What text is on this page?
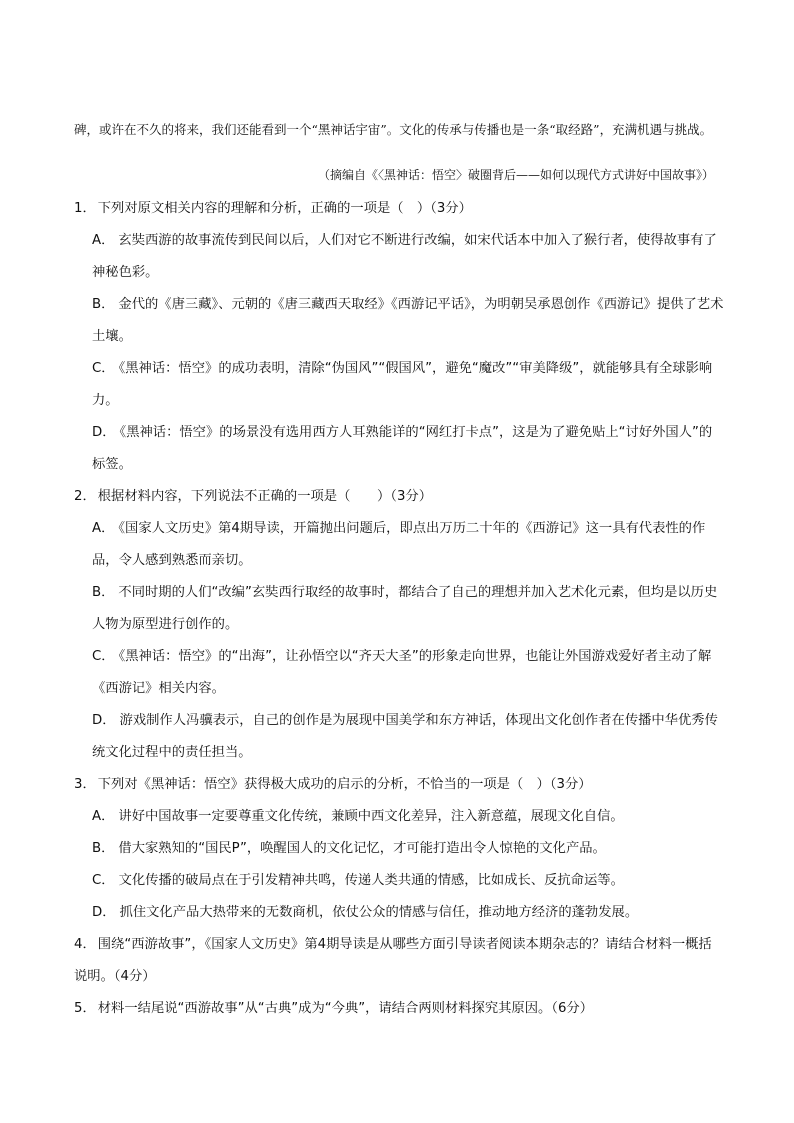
碑，或许在不久的将来，我们还能看到一个“黑神话宇宙”。文化的传承与传播也是一条“取经路”，充满机遇与挑战。

（摘编自《〈黑神话：悟空〉破圈背后——如何以现代方式讲好中国故事》）

1． 下列对原文相关内容的理解和分析，正确的一项是（　）（3分）

A． 玄奘西游的故事流传到民间以后，人们对它不断进行改编，如宋代话本中加入了猴行者，使得故事有了神秘色彩。

B． 金代的《唐三藏》、元朝的《唐三藏西天取经》《西游记平话》，为明朝吴承恩创作《西游记》提供了艺术土壤。

C． 《黑神话：悟空》的成功表明，清除“伪国风”“假国风”，避免“魔改”“审美降级”，就能够具有全球影响力。

D． 《黑神话：悟空》的场景没有选用西方人耳熟能详的“网红打卡点”，这是为了避免贴上“讨好外国人”的标签。

2． 根据材料内容，下列说法不正确的一项是（　　）（3分）

A． 《国家人文历史》第4期导读，开篇抛出问题后，即点出万历二十年的《西游记》这一具有代表性的作品，令人感到熟悉而亲切。

B． 不同时期的人们“改编”玄奘西行取经的故事时，都结合了自己的理想并加入艺术化元素，但均是以历史人物为原型进行创作的。

C． 《黑神话：悟空》的“出海”，让孙悟空以“齐天大圣”的形象走向世界，也能让外国游戏爱好者主动了解《西游记》相关内容。

D． 游戏制作人冯骥表示，自己的创作是为展现中国美学和东方神话，体现出文化创作者在传播中华优秀传统文化过程中的责任担当。

3． 下列对《黑神话：悟空》获得极大成功的启示的分析，不恰当的一项是（　）（3分）

A． 讲好中国故事一定要尊重文化传统，兼顾中西文化差异，注入新意蕴，展现文化自信。

B． 借大家熟知的“国民P”，唤醒国人的文化记忆，才可能打造出令人惊艳的文化产品。

C． 文化传播的破局点在于引发精神共鸣，传递人类共通的情感，比如成长、反抗命运等。

D． 抓住文化产品大热带来的无数商机，依仗公众的情感与信任，推动地方经济的蓬勃发展。

4． 围绕“西游故事”，《国家人文历史》第4期导读是从哪些方面引导读者阅读本期杂志的？请结合材料一概括说明。（4分）

5． 材料一结尾说“西游故事”从“古典”成为“今典”，请结合两则材料探究其原因。（6分）
